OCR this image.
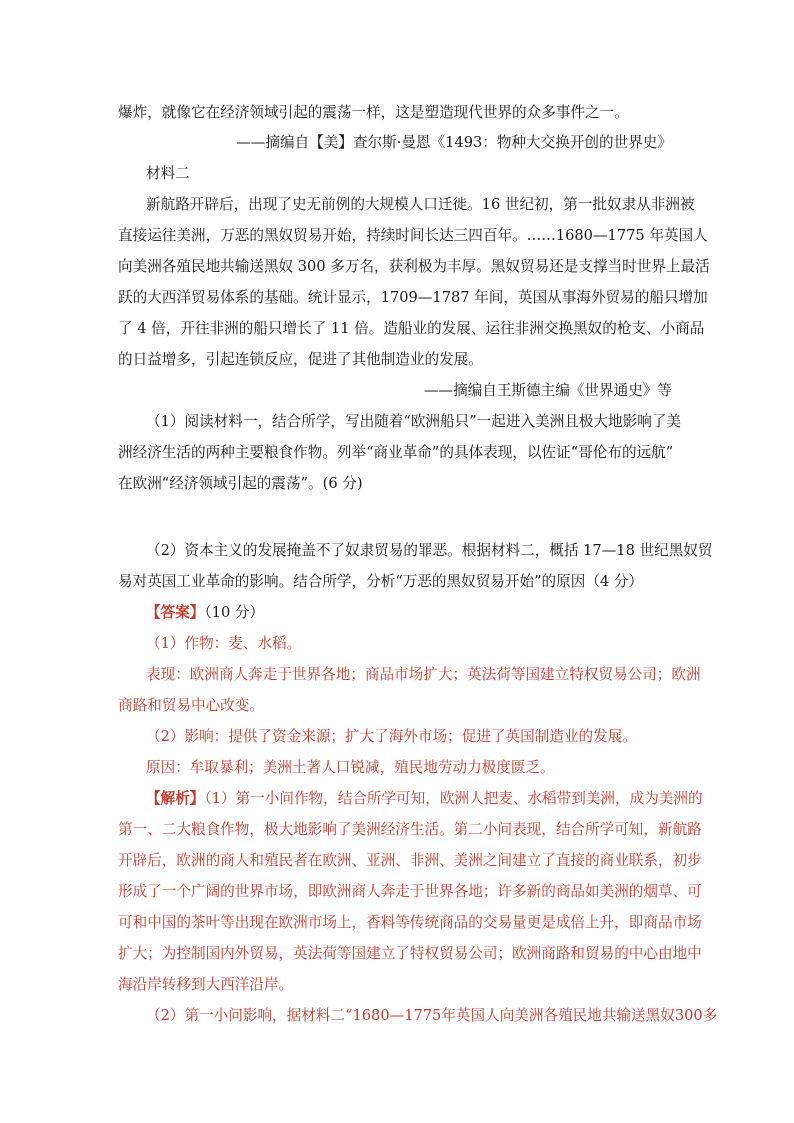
爆炸，就像它在经济领域引起的震荡一样，这是塑造现代世界的众多事件之一。
——摘编自【美】查尔斯·曼恩《1493：物种大交换开创的世界史》
材料二
新航路开辟后，出现了史无前例的大规模人口迁徙。16 世纪初，第一批奴隶从非洲被
直接运往美洲，万恶的黑奴贸易开始，持续时间长达三四百年。……1680—1775 年英国人
向美洲各殖民地共输送黑奴 300 多万名，获利极为丰厚。黑奴贸易还是支撑当时世界上最活
跃的大西洋贸易体系的基础。统计显示，1709—1787 年间，英国从事海外贸易的船只增加
了 4 倍，开往非洲的船只增长了 11 倍。造船业的发展、运往非洲交换黑奴的枪支、小商品
的日益增多，引起连锁反应，促进了其他制造业的发展。
——摘编自王斯德主编《世界通史》等
（1）阅读材料一，结合所学，写出随着“欧洲船只”一起进入美洲且极大地影响了美
洲经济生活的两种主要粮食作物。列举“商业革命”的具体表现，以佐证“哥伦布的远航”
在欧洲“经济领域引起的震荡”。(6 分)
（2）资本主义的发展掩盖不了奴隶贸易的罪恶。根据材料二，概括 17—18 世纪黑奴贸
易对英国工业革命的影响。结合所学，分析“万恶的黑奴贸易开始”的原因（4 分）
【答案】（10 分）
（1）作物：麦、水稻。
表现：欧洲商人奔走于世界各地；商品市场扩大；英法荷等国建立特权贸易公司；欧洲
商路和贸易中心改变。
（2）影响：提供了资金来源；扩大了海外市场；促进了英国制造业的发展。
原因：牟取暴利；美洲土著人口锐减，殖民地劳动力极度匮乏。
【解析】（1）第一小问作物，结合所学可知，欧洲人把麦、水稻带到美洲，成为美洲的
第一、二大粮食作物，极大地影响了美洲经济生活。第二小问表现，结合所学可知，新航路
开辟后，欧洲的商人和殖民者在欧洲、亚洲、非洲、美洲之间建立了直接的商业联系，初步
形成了一个广阔的世界市场，即欧洲商人奔走于世界各地；许多新的商品如美洲的烟草、可
可和中国的茶叶等出现在欧洲市场上，香料等传统商品的交易量更是成倍上升，即商品市场
扩大；为控制国内外贸易，英法荷等国建立了特权贸易公司；欧洲商路和贸易的中心由地中
海沿岸转移到大西洋沿岸。
（2）第一小问影响，据材料二“1680—1775年英国人向美洲各殖民地共输送黑奴300多
